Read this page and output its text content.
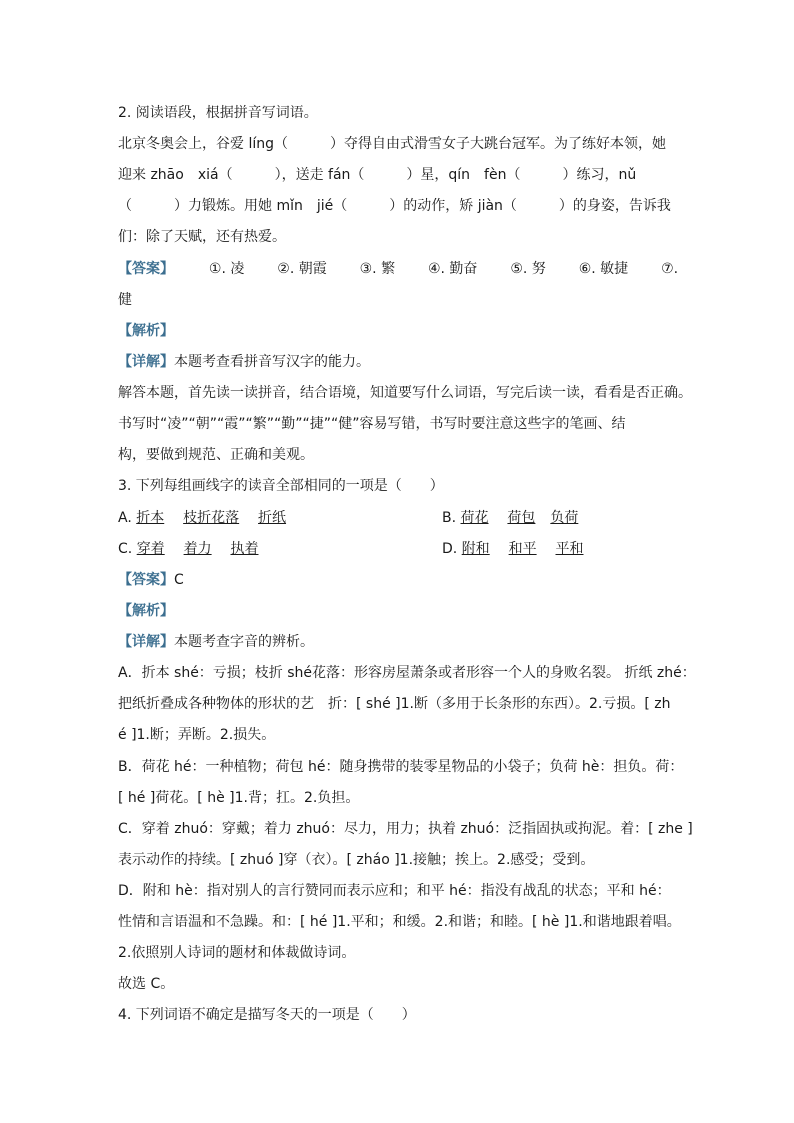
2. 阅读语段，根据拼音写词语。
北京冬奥会上，谷爱 líng（　　　）夺得自由式滑雪女子大跳台冠军。为了练好本领，她
迎来 zhāo　xiá（　　　），送走 fán（　　　）星，qín　fèn（　　　）练习，nǔ
（　　　）力锻炼。用她 mǐn　jié（　　　）的动作，矫 jiàn（　　　）的身姿，告诉我
们：除了天赋，还有热爱。
【答案】 ①. 凌 ②. 朝霞 ③. 繁 ④. 勤奋 ⑤. 努 ⑥. 敏捷 ⑦.
健
【解析】
【详解】本题考查看拼音写汉字的能力。
解答本题，首先读一读拼音，结合语境，知道要写什么词语，写完后读一读，看看是否正确。
书写时“凌”“朝”“霞”“繁”“勤”“捷”“健”容易写错，书写时要注意这些字的笔画、结
构，要做到规范、正确和美观。
3. 下列每组画线字的读音全部相同的一项是（　　）
A. 折本 枝折花落 折纸	B. 荷花 荷包 负荷
C. 穿着 着力 执着	D. 附和 和平 平和
【答案】C
【解析】
【详解】本题考查字音的辨析。
A．折本 shé：亏损；枝折 shé花落：形容房屋萧条或者形容一个人的身败名裂。 折纸 zhé：
把纸折叠成各种物体的形状的艺　折：[ shé ]1.断（多用于长条形的东西）。2.亏损。[ zh
é ]1.断；弄断。2.损失。
B．荷花 hé：一种植物；荷包 hé：随身携带的装零星物品的小袋子；负荷 hè：担负。荷：
[ hé ]荷花。[ hè ]1.背；扛。2.负担。
C．穿着 zhuó：穿戴；着力 zhuó：尽力，用力；执着 zhuó：泛指固执或拘泥。着：[ zhe ]
表示动作的持续。[ zhuó ]穿（衣）。[ zháo ]1.接触；挨上。2.感受；受到。
D．附和 hè：指对别人的言行赞同而表示应和；和平 hé：指没有战乱的状态；平和 hé：
性情和言语温和不急躁。和：[ hé ]1.平和；和缓。2.和谐；和睦。[ hè ]1.和谐地跟着唱。
2.依照别人诗词的题材和体裁做诗词。
故选 C。
4. 下列词语不确定是描写冬天的一项是（　　）
